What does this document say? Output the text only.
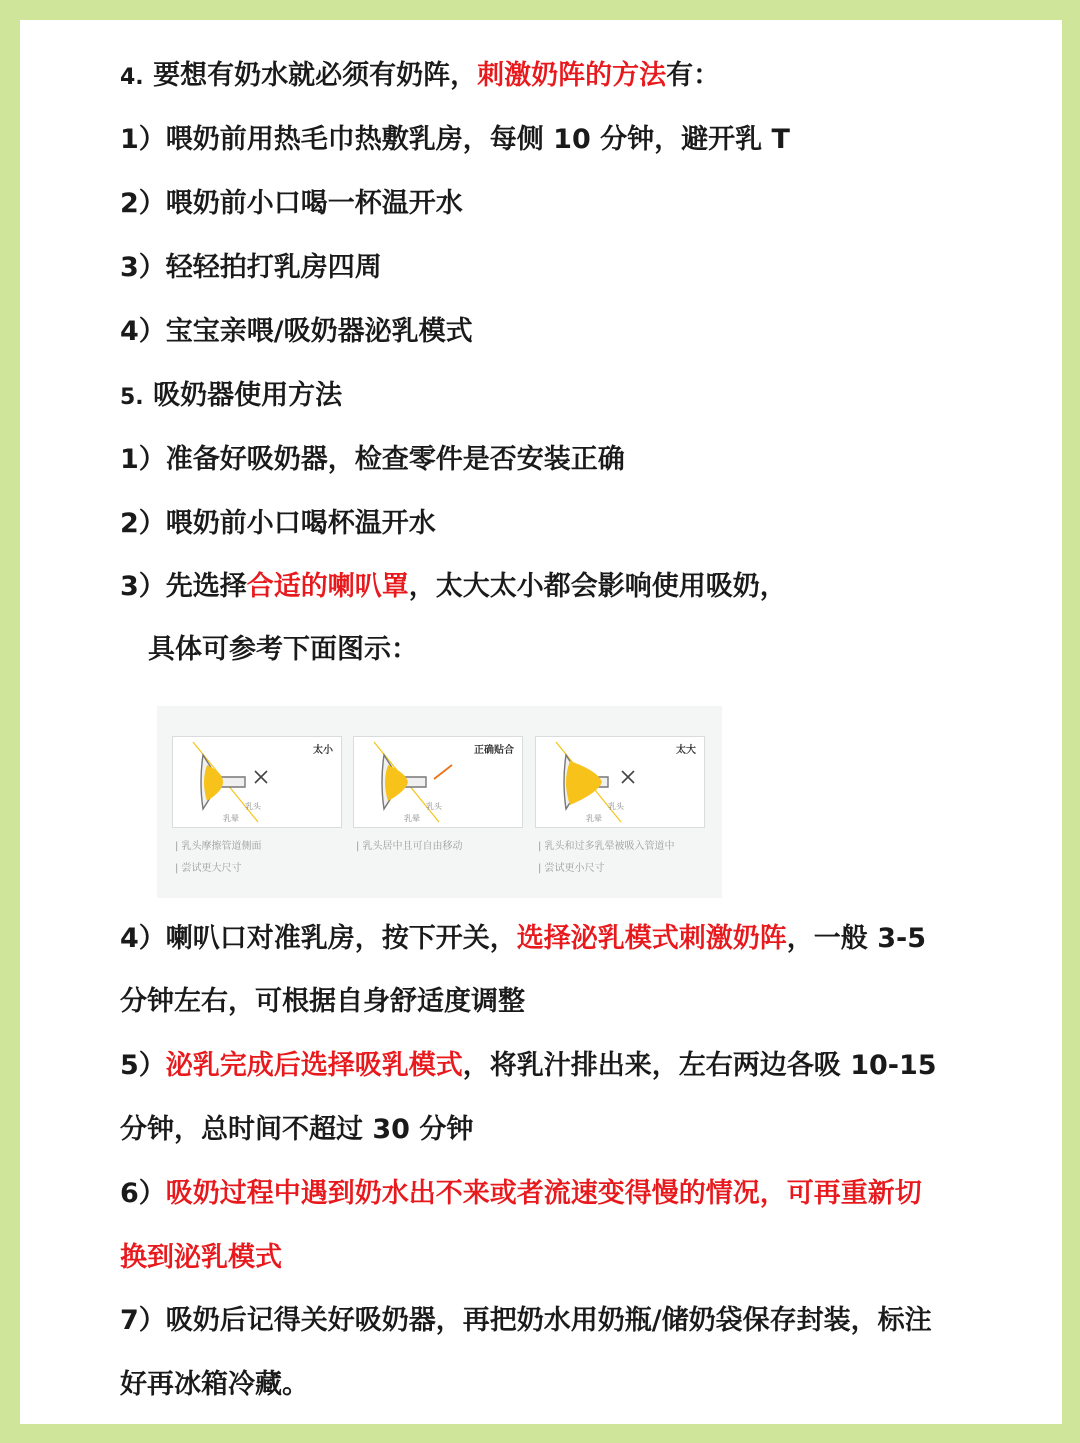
4. 要想有奶水就必须有奶阵，刺激奶阵的方法有：
1）喂奶前用热毛巾热敷乳房，每侧 10 分钟，避开乳 T
2）喂奶前小口喝一杯温开水
3）轻轻拍打乳房四周
4）宝宝亲喂/吸奶器泌乳模式
5. 吸奶器使用方法
1）准备好吸奶器，检查零件是否安装正确
2）喂奶前小口喝杯温开水
3）先选择合适的喇叭罩，太大太小都会影响使用吸奶，
具体可参考下面图示：
太小
乳头
乳晕
| 乳头摩擦管道侧面
| 尝试更大尺寸
正确贴合
乳头
乳晕
| 乳头居中且可自由移动
太大
乳头
乳晕
| 乳头和过多乳晕被吸入管道中
| 尝试更小尺寸
4）喇叭口对准乳房，按下开关，选择泌乳模式刺激奶阵，一般 3-5
分钟左右，可根据自身舒适度调整
5）泌乳完成后选择吸乳模式，将乳汁排出来，左右两边各吸 10-15
分钟，总时间不超过 30 分钟
6）吸奶过程中遇到奶水出不来或者流速变得慢的情况，可再重新切
换到泌乳模式
7）吸奶后记得关好吸奶器，再把奶水用奶瓶/储奶袋保存封装，标注
好再冰箱冷藏。
